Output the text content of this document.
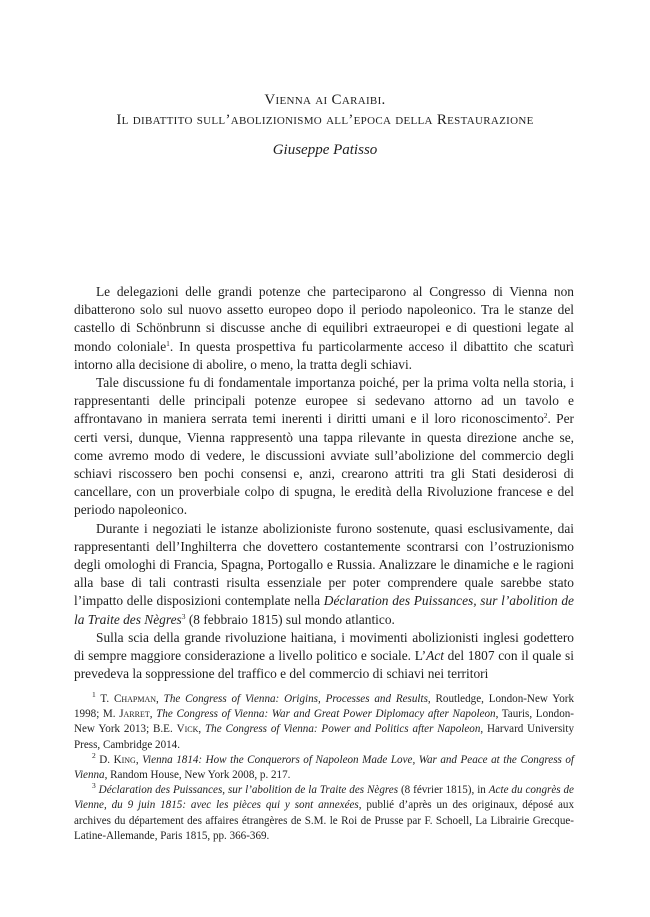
Vienna ai Caraibi.

Il dibattito sull’abolizionismo all’epoca della Restaurazione

Giuseppe Patisso

Le delegazioni delle grandi potenze che parteciparono al Congresso di Vienna non dibatterono solo sul nuovo assetto europeo dopo il periodo napoleonico. Tra le stanze del castello di Schönbrunn si discusse anche di equilibri extraeuropei e di questioni legate al mondo coloniale$^1$. In questa prospettiva fu particolarmente acceso il dibattito che scaturì intorno alla decisione di abolire, o meno, la tratta degli schiavi.

Tale discussione fu di fondamentale importanza poiché, per la prima volta nella storia, i rappresentanti delle principali potenze europee si sedevano attorno ad un tavolo e affrontavano in maniera serrata temi inerenti i diritti umani e il loro riconoscimento$^2$. Per certi versi, dunque, Vienna rappresentò una tappa rilevante in questa direzione anche se, come avremo modo di vedere, le discussioni avviate sull’abolizione del commercio degli schiavi riscossero ben pochi consensi e, anzi, crearono attriti tra gli Stati desiderosi di cancellare, con un proverbiale colpo di spugna, le eredità della Rivoluzione francese e del periodo napoleonico.

Durante i negoziati le istanze abolizioniste furono sostenute, quasi esclusivamente, dai rappresentanti dell’Inghilterra che dovettero costantemente scontrarsi con l’ostruzionismo degli omologhi di Francia, Spagna, Portogallo e Russia. Analizzare le dinamiche e le ragioni alla base di tali contrasti risulta essenziale per poter comprendere quale sarebbe stato l’impatto delle disposizioni contemplate nella Déclaration des Puissances, sur l’abolition de la Traite des Nègres$^3$ (8 febbraio 1815) sul mondo atlantico.

Sulla scia della grande rivoluzione haitiana, i movimenti abolizionisti inglesi godettero di sempre maggiore considerazione a livello politico e sociale. L’Act del 1807 con il quale si prevedeva la soppressione del traffico e del commercio di schiavi nei territori

$^1$ T. Chapman, The Congress of Vienna: Origins, Processes and Results, Routledge, London-New York 1998; M. Jarret, The Congress of Vienna: War and Great Power Diplomacy after Napoleon, Tauris, London-New York 2013; B.E. Vick, The Congress of Vienna: Power and Politics after Napoleon, Harvard University Press, Cambridge 2014.

$^2$ D. King, Vienna 1814: How the Conquerors of Napoleon Made Love, War and Peace at the Congress of Vienna, Random House, New York 2008, p. 217.

$^3$ Déclaration des Puissances, sur l’abolition de la Traite des Nègres (8 février 1815), in Acte du congrès de Vienne, du 9 juin 1815: avec les pièces qui y sont annexées, publié d’après un des originaux, déposé aux archives du département des affaires étrangères de S.M. le Roi de Prusse par F. Schoell, La Librairie Grecque-Latine-Allemande, Paris 1815, pp. 366-369.
